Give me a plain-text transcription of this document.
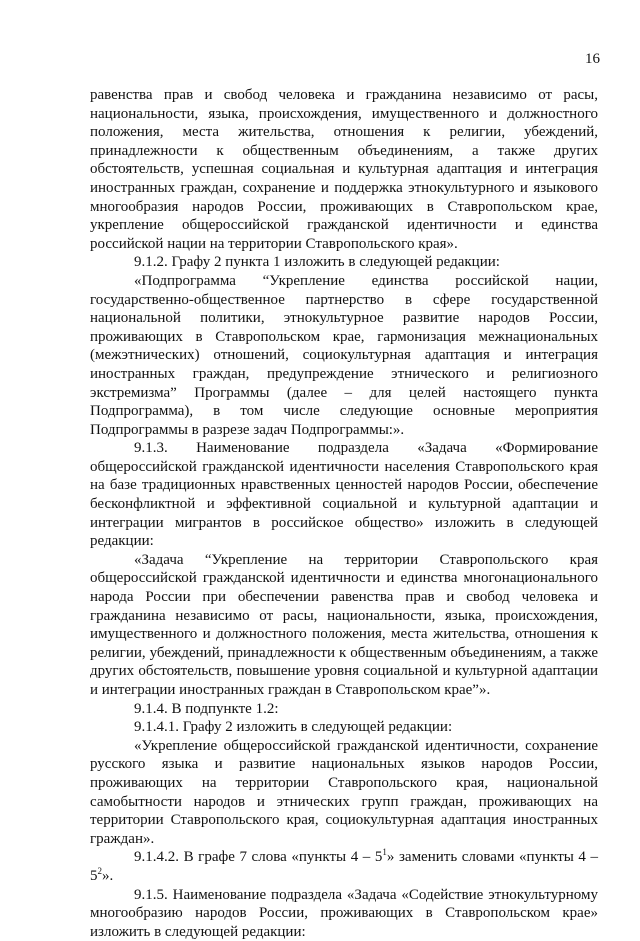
16

равенства прав и свобод человека и гражданина независимо от расы, национальности, языка, происхождения, имущественного и должностного положения, места жительства, отношения к религии, убеждений, принадлежности к общественным объединениям, а также других обстоятельств, успешная социальная и культурная адаптация и интеграция иностранных граждан, сохранение и поддержка этнокультурного и языкового многообразия народов России, проживающих в Ставропольском крае, укрепление общероссийской гражданской идентичности и единства российской нации на территории Ставропольского края».

9.1.2. Графу 2 пункта 1 изложить в следующей редакции:

«Подпрограмма “Укрепление единства российской нации, государственно-общественное партнерство в сфере государственной национальной политики, этнокультурное развитие народов России, проживающих в Ставропольском крае, гармонизация межнациональных (межэтнических) отношений, социокультурная адаптация и интеграция иностранных граждан, предупреждение этнического и религиозного экстремизма” Программы (далее – для целей настоящего пункта Подпрограмма), в том числе следующие основные мероприятия Подпрограммы в разрезе задач Подпрограммы:».

9.1.3. Наименование подраздела «Задача «Формирование общероссийской гражданской идентичности населения Ставропольского края на базе традиционных нравственных ценностей народов России, обеспечение бесконфликтной и эффективной социальной и культурной адаптации и интеграции мигрантов в российское общество» изложить в следующей редакции:

«Задача “Укрепление на территории Ставропольского края общероссийской гражданской идентичности и единства многонационального народа России при обеспечении равенства прав и свобод человека и гражданина независимо от расы, национальности, языка, происхождения, имущественного и должностного положения, места жительства, отношения к религии, убеждений, принадлежности к общественным объединениям, а также других обстоятельств, повышение уровня социальной и культурной адаптации и интеграции иностранных граждан в Ставропольском крае”».

9.1.4. В подпункте 1.2:

9.1.4.1. Графу 2 изложить в следующей редакции:

«Укрепление общероссийской гражданской идентичности, сохранение русского языка и развитие национальных языков народов России, проживающих на территории Ставропольского края, национальной самобытности народов и этнических групп граждан, проживающих на территории Ставропольского края, социокультурная адаптация иностранных граждан».

9.1.4.2. В графе 7 слова «пункты $4 - 5^1$» заменить словами «пункты $4 - 5^2$».

9.1.5. Наименование подраздела «Задача «Содействие этнокультурному многообразию народов России, проживающих в Ставропольском крае» изложить в следующей редакции:
